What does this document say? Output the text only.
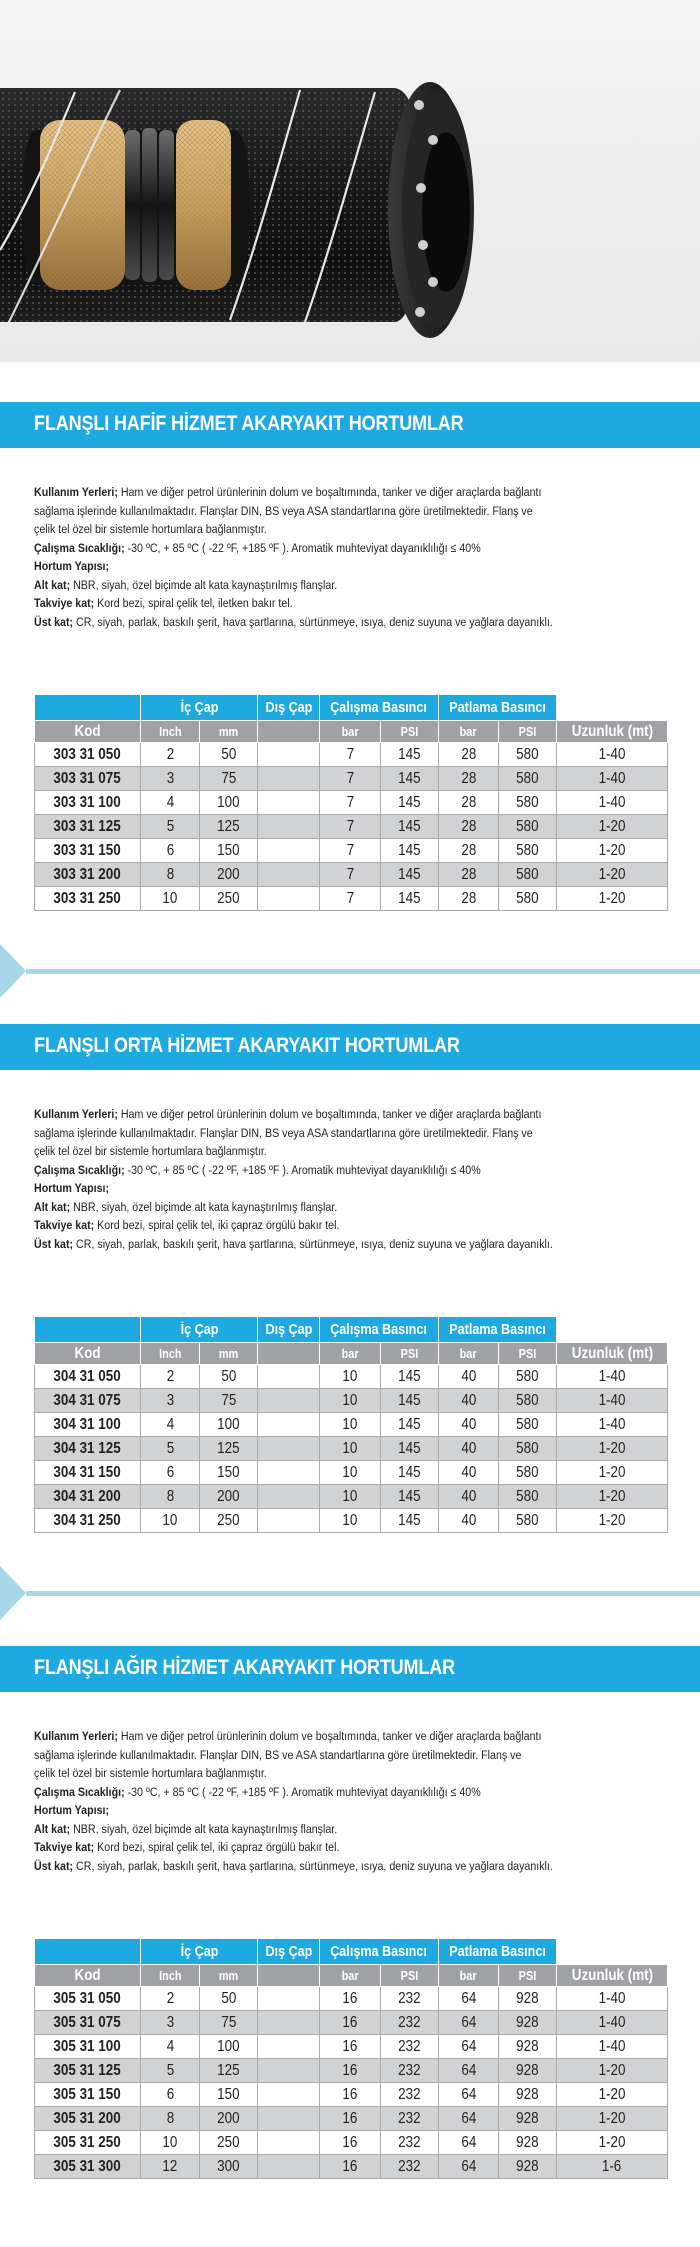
FLANŞLI HAFİF HİZMET AKARYAKIT HORTUMLAR

Kullanım Yerleri; Ham ve diğer petrol ürünlerinin dolum ve boşaltımında, tanker ve diğer araçlarda bağlantı

sağlama işlerinde kullanılmaktadır. Flanşlar DIN, BS veya ASA standartlarına göre üretilmektedir. Flanş ve

çelik tel özel bir sistemle hortumlara bağlanmıştır.

Çalışma Sıcaklığı; -30 ºC, + 85 ºC ( -22 ºF, +185 ºF ). Aromatik muhteviyat dayanıklılığı ≤ 40%

Hortum Yapısı;

Alt kat; NBR, siyah, özel biçimde alt kata kaynaştırılmış flanşlar.

Takviye kat; Kord bezi, spiral çelik tel, iletken bakır tel.

Üst kat; CR, siyah, parlak, baskılı şerit, hava şartlarına, sürtünmeye, ısıya, deniz suyuna ve yağlara dayanıklı.

	İç Çap		Dış Çap	Çalışma Basıncı		Patlama Basıncı		
Kod	Inch	mm		bar	PSI	bar	PSI	Uzunluk (mt)
303 31 050	2	50		7	145	28	580	1-40
303 31 075	3	75		7	145	28	580	1-40
303 31 100	4	100		7	145	28	580	1-40
303 31 125	5	125		7	145	28	580	1-20
303 31 150	6	150		7	145	28	580	1-20
303 31 200	8	200		7	145	28	580	1-20
303 31 250	10	250		7	145	28	580	1-20
FLANŞLI ORTA HİZMET AKARYAKIT HORTUMLAR

Kullanım Yerleri; Ham ve diğer petrol ürünlerinin dolum ve boşaltımında, tanker ve diğer araçlarda bağlantı

sağlama işlerinde kullanılmaktadır. Flanşlar DIN, BS veya ASA standartlarına göre üretilmektedir. Flanş ve

çelik tel özel bir sistemle hortumlara bağlanmıştır.

Çalışma Sıcaklığı; -30 ºC, + 85 ºC ( -22 ºF, +185 ºF ). Aromatik muhteviyat dayanıklılığı ≤ 40%

Hortum Yapısı;

Alt kat; NBR, siyah, özel biçimde alt kata kaynaştırılmış flanşlar.

Takviye kat; Kord bezi, spiral çelik tel, iki çapraz örgülü bakır tel.

Üst kat; CR, siyah, parlak, baskılı şerit, hava şartlarına, sürtünmeye, ısıya, deniz suyuna ve yağlara dayanıklı.

	İç Çap		Dış Çap	Çalışma Basıncı		Patlama Basıncı		
Kod	Inch	mm		bar	PSI	bar	PSI	Uzunluk (mt)
304 31 050	2	50		10	145	40	580	1-40
304 31 075	3	75		10	145	40	580	1-40
304 31 100	4	100		10	145	40	580	1-40
304 31 125	5	125		10	145	40	580	1-20
304 31 150	6	150		10	145	40	580	1-20
304 31 200	8	200		10	145	40	580	1-20
304 31 250	10	250		10	145	40	580	1-20
FLANŞLI AĞIR HİZMET AKARYAKIT HORTUMLAR

Kullanım Yerleri; Ham ve diğer petrol ürünlerinin dolum ve boşaltımında, tanker ve diğer araçlarda bağlantı

sağlama işlerinde kullanılmaktadır. Flanşlar DIN, BS ve ASA standartlarına göre üretilmektedir. Flanş ve

çelik tel özel bir sistemle hortumlara bağlanmıştır.

Çalışma Sıcaklığı; -30 ºC, + 85 ºC ( -22 ºF, +185 ºF ). Aromatik muhteviyat dayanıklılığı ≤ 40%

Hortum Yapısı;

Alt kat; NBR, siyah, özel biçimde alt kata kaynaştırılmış flanşlar.

Takviye kat; Kord bezi, spiral çelik tel, iki çapraz örgülü bakır tel.

Üst kat; CR, siyah, parlak, baskılı şerit, hava şartlarına, sürtünmeye, ısıya, deniz suyuna ve yağlara dayanıklı.

	İç Çap		Dış Çap	Çalışma Basıncı		Patlama Basıncı		
Kod	Inch	mm		bar	PSI	bar	PSI	Uzunluk (mt)
305 31 050	2	50		16	232	64	928	1-40
305 31 075	3	75		16	232	64	928	1-40
305 31 100	4	100		16	232	64	928	1-40
305 31 125	5	125		16	232	64	928	1-20
305 31 150	6	150		16	232	64	928	1-20
305 31 200	8	200		16	232	64	928	1-20
305 31 250	10	250		16	232	64	928	1-20
305 31 300	12	300		16	232	64	928	1-6
